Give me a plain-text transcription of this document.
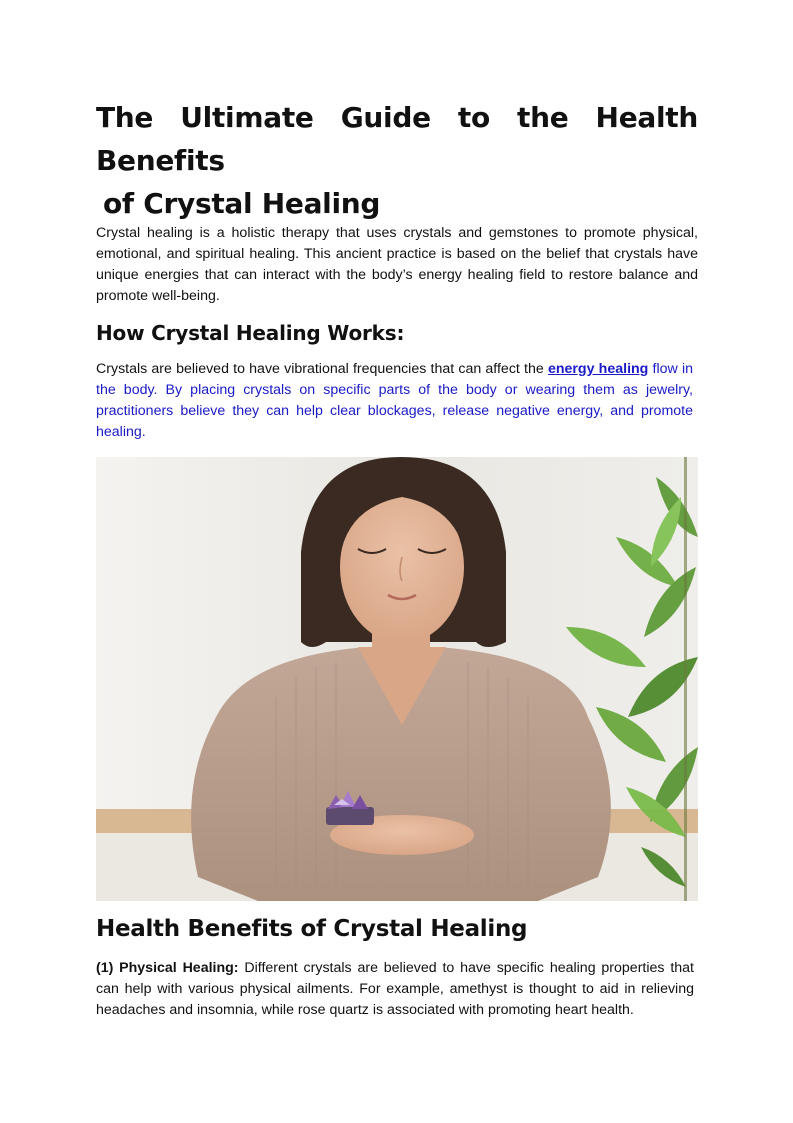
The Ultimate Guide to the Health Benefits
of Crystal Healing

Crystal healing is a holistic therapy that uses crystals and gemstones to promote physical, emotional, and spiritual healing. This ancient practice is based on the belief that crystals have unique energies that can interact with the body’s energy healing field to restore balance and promote well-being.

How Crystal Healing Works:

Crystals are believed to have vibrational frequencies that can affect the energy healing flow in the body. By placing crystals on specific parts of the body or wearing them as jewelry, practitioners believe they can help clear blockages, release negative energy, and promote healing.

Health Benefits of Crystal Healing

(1) Physical Healing: Different crystals are believed to have specific healing properties that can help with various physical ailments. For example, amethyst is thought to aid in relieving headaches and insomnia, while rose quartz is associated with promoting heart health.
